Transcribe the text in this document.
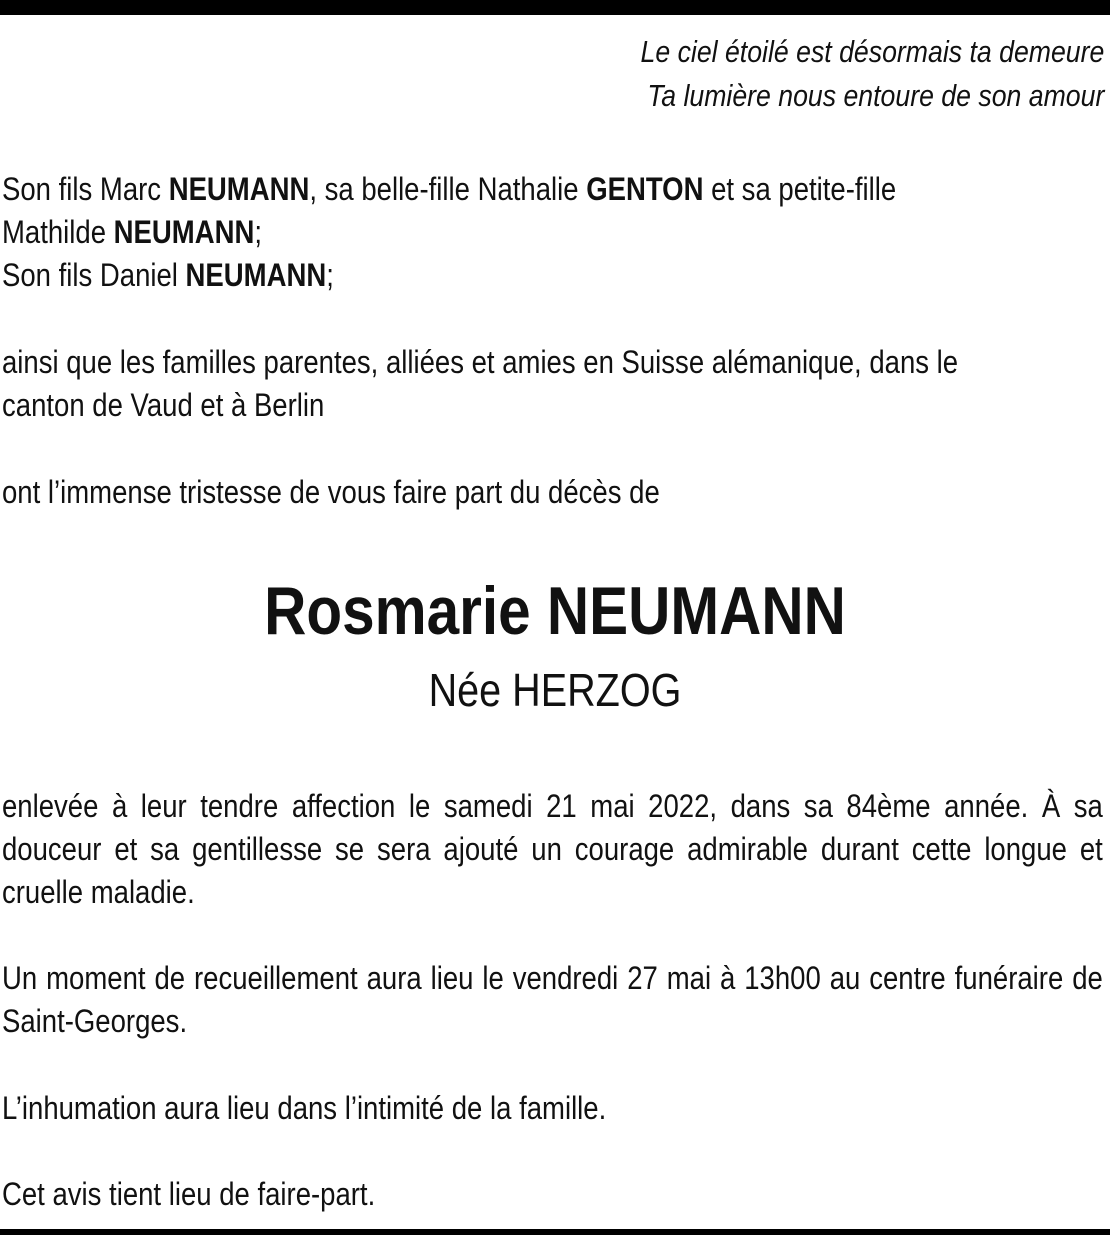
Le ciel étoilé est désormais ta demeure
Ta lumière nous entoure de son amour
Son fils Marc NEUMANN, sa belle-fille Nathalie GENTON et sa petite-fille
Mathilde NEUMANN;
Son fils Daniel NEUMANN;
ainsi que les familles parentes, alliées et amies en Suisse alémanique, dans le
canton de Vaud et à Berlin
ont l’immense tristesse de vous faire part du décès de
Rosmarie NEUMANN
Née HERZOG
enlevée à leur tendre affection le samedi 21 mai 2022, dans sa 84ème année. À sa douceur et sa gentillesse se sera ajouté un courage admirable durant cette longue et cruelle maladie.
Un moment de recueillement aura lieu le vendredi 27 mai à 13h00 au centre funéraire de Saint-Georges.
L’inhumation aura lieu dans l’intimité de la famille.
Cet avis tient lieu de faire-part.
